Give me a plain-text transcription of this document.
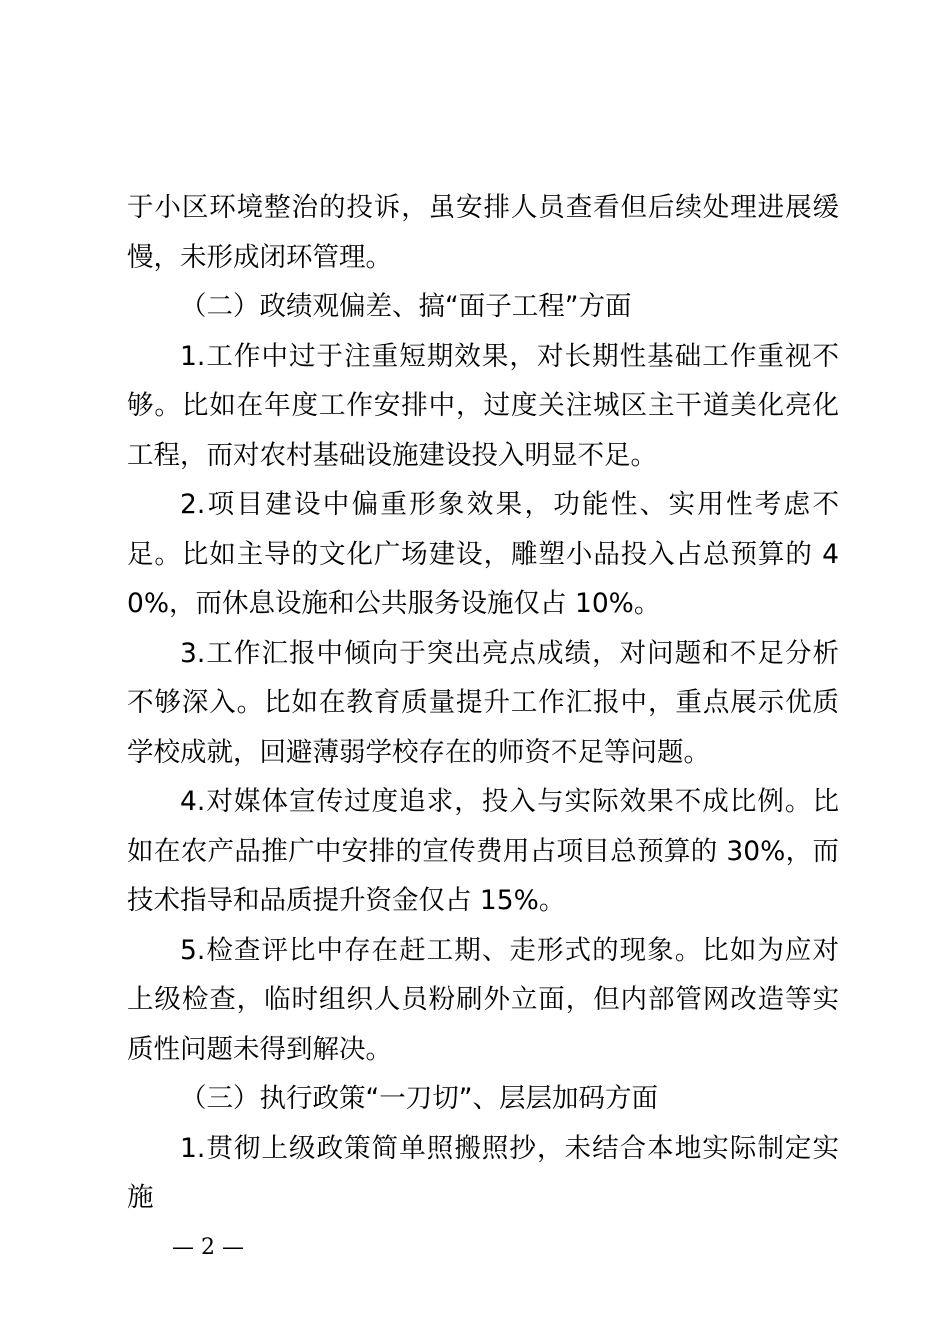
于小区环境整治的投诉，虽安排人员查看但后续处理进展缓慢，未形成闭环管理。

（二）政绩观偏差、搞“面子工程”方面

1.工作中过于注重短期效果，对长期性基础工作重视不够。比如在年度工作安排中，过度关注城区主干道美化亮化工程，而对农村基础设施建设投入明显不足。

2.项目建设中偏重形象效果，功能性、实用性考虑不足。比如主导的文化广场建设，雕塑小品投入占总预算的 40%，而休息设施和公共服务设施仅占 10%。

3.工作汇报中倾向于突出亮点成绩，对问题和不足分析不够深入。比如在教育质量提升工作汇报中，重点展示优质学校成就，回避薄弱学校存在的师资不足等问题。

4.对媒体宣传过度追求，投入与实际效果不成比例。比如在农产品推广中安排的宣传费用占项目总预算的 30%，而技术指导和品质提升资金仅占 15%。

5.检查评比中存在赶工期、走形式的现象。比如为应对上级检查，临时组织人员粉刷外立面，但内部管网改造等实质性问题未得到解决。

（三）执行政策“一刀切”、层层加码方面

1.贯彻上级政策简单照搬照抄，未结合本地实际制定实施

— 2 —
